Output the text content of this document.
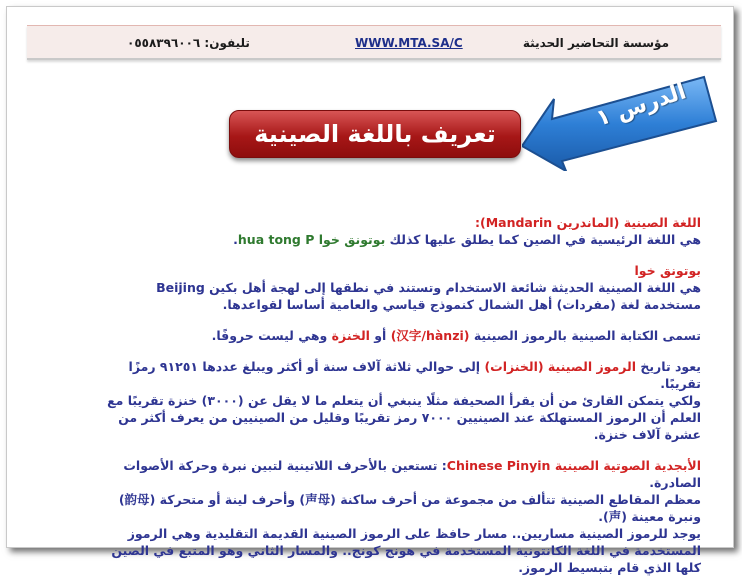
مؤسسة التحاضير الحديثة
WWW.MTA.SA/C
تليفون: ٠٥٥٨٣٩٦٠٠٦
الدرس ١
تعريف باللغة الصينية

اللغة الصينية (الماندرين Mandarin):

هي اللغة الرئيسية في الصين كما يطلق عليها كذلك بوتونق خوا hua tong P.

بوتونق خوا

هي اللغة الصينية الحديثة شائعة الاستخدام وتستند في نطقها إلى لهجة أهل بكين Beijing مستخدمة لغة (مفردات) أهل الشمال كنموذج قياسي والعامية أساسا لقواعدها.

تسمى الكتابة الصينية بالرموز الصينية (汉字/hànzi) أو الخنزة وهي ليست حروفًا.

يعود تاريخ الرموز الصينية (الخنزات) إلى حوالي ثلاثة آلاف سنة أو أكثر ويبلغ عددها ٩١٢٥١ رمزًا تقريبًا.

ولكي يتمكن القارئ من أن يقرأ الصحيفة مثلًا ينبغي أن يتعلم ما لا يقل عن (٣٠٠٠) خنزة تقريبًا مع العلم أن الرموز المستهلكة عند الصينيين ٧٠٠٠ رمز تقريبًا وقليل من الصينيين من يعرف أكثر من عشرة آلاف خنزة.

الأبجدية الصوتية الصينية Chinese Pinyin: تستعين بالأحرف اللاتينية لتبين نبرة وحركة الأصوات الصادرة.

معظم المقاطع الصينية تتألف من مجموعة من أحرف ساكنة (声母) وأحرف لينة أو متحركة (韵母) ونبرة معينة (声).

يوجد للرموز الصينية مساريين.. مسار حافظ على الرموز الصينية القديمة التقليدية وهي الرموز المستخدمة في اللغة الكانتونية المستخدمة في هونج كونج.. والمسار الثاني وهو المتبع في الصين كلها الذي قام بتبسيط الرموز.
